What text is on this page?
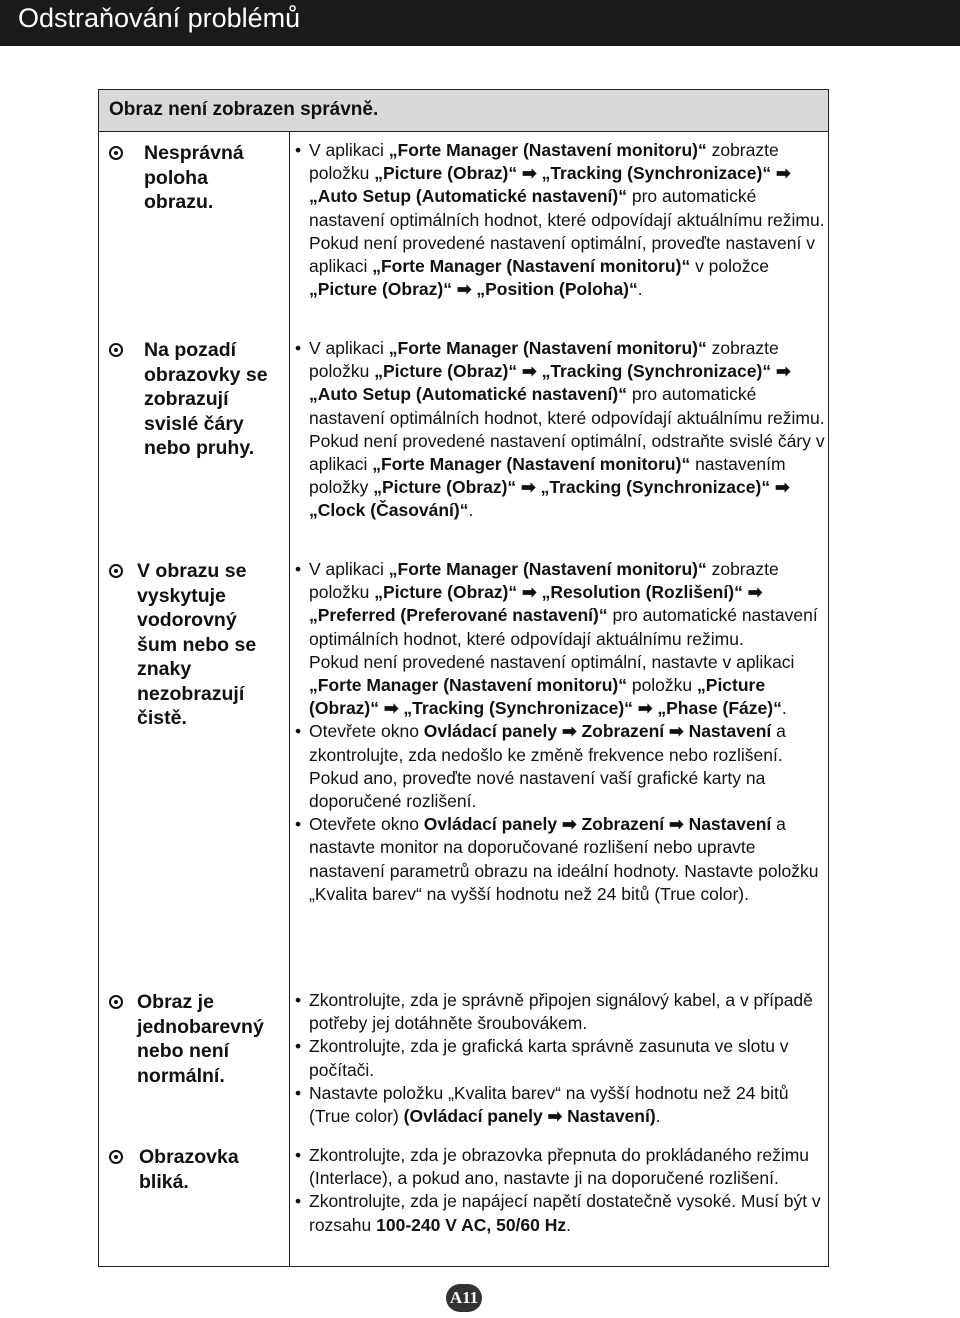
Odstraňování problémů
Obraz není zobrazen správně.
Nesprávná poloha obrazu.
• V aplikaci „Forte Manager (Nastavení monitoru)“ zobrazte položku „Picture (Obraz)“ ➡ „Tracking (Synchronizace)“ ➡ „Auto Setup (Automatické nastavení)“ pro automatické nastavení optimálních hodnot, které odpovídají aktuálnímu režimu.

Pokud není provedené nastavení optimální, proveďte nastavení v aplikaci „Forte Manager (Nastavení monitoru)“ v položce „Picture (Obraz)“ ➡ „Position (Poloha)“.

Na pozadí obrazovky se zobrazují svislé čáry nebo pruhy.
• V aplikaci „Forte Manager (Nastavení monitoru)“ zobrazte položku „Picture (Obraz)“ ➡ „Tracking (Synchronizace)“ ➡ „Auto Setup (Automatické nastavení)“ pro automatické nastavení optimálních hodnot, které odpovídají aktuálnímu režimu.

Pokud není provedené nastavení optimální, odstraňte svislé čáry v aplikaci „Forte Manager (Nastavení monitoru)“ nastavením položky „Picture (Obraz)“ ➡ „Tracking (Synchronizace)“ ➡ „Clock (Časování)“.

V obrazu se vyskytuje vodorovný šum nebo se znaky nezobrazují čistě.
• V aplikaci „Forte Manager (Nastavení monitoru)“ zobrazte položku „Picture (Obraz)“ ➡ „Resolution (Rozlišení)“ ➡ „Preferred (Preferované nastavení)“ pro automatické nastavení optimálních hodnot, které odpovídají aktuálnímu režimu.

Pokud není provedené nastavení optimální, nastavte v aplikaci „Forte Manager (Nastavení monitoru)“ položku „Picture (Obraz)“ ➡ „Tracking (Synchronizace)“ ➡ „Phase (Fáze)“.

• Otevřete okno Ovládací panely ➡ Zobrazení ➡ Nastavení a zkontrolujte, zda nedošlo ke změně frekvence nebo rozlišení. Pokud ano, proveďte nové nastavení vaší grafické karty na doporučené rozlišení.

• Otevřete okno Ovládací panely ➡ Zobrazení ➡ Nastavení a nastavte monitor na doporučované rozlišení nebo upravte nastavení parametrů obrazu na ideální hodnoty. Nastavte položku „Kvalita barev“ na vyšší hodnotu než 24 bitů (True color).

Obraz je jednobarevný nebo není normální.
• Zkontrolujte, zda je správně připojen signálový kabel, a v případě potřeby jej dotáhněte šroubovákem.

• Zkontrolujte, zda je grafická karta správně zasunuta ve slotu v počítači.

• Nastavte položku „Kvalita barev“ na vyšší hodnotu než 24 bitů (True color) (Ovládací panely ➡ Nastavení).

Obrazovka bliká.
• Zkontrolujte, zda je obrazovka přepnuta do prokládaného režimu (Interlace), a pokud ano, nastavte ji na doporučené rozlišení.

• Zkontrolujte, zda je napájecí napětí dostatečně vysoké. Musí být v rozsahu 100-240 V AC, 50/60 Hz.

A11
